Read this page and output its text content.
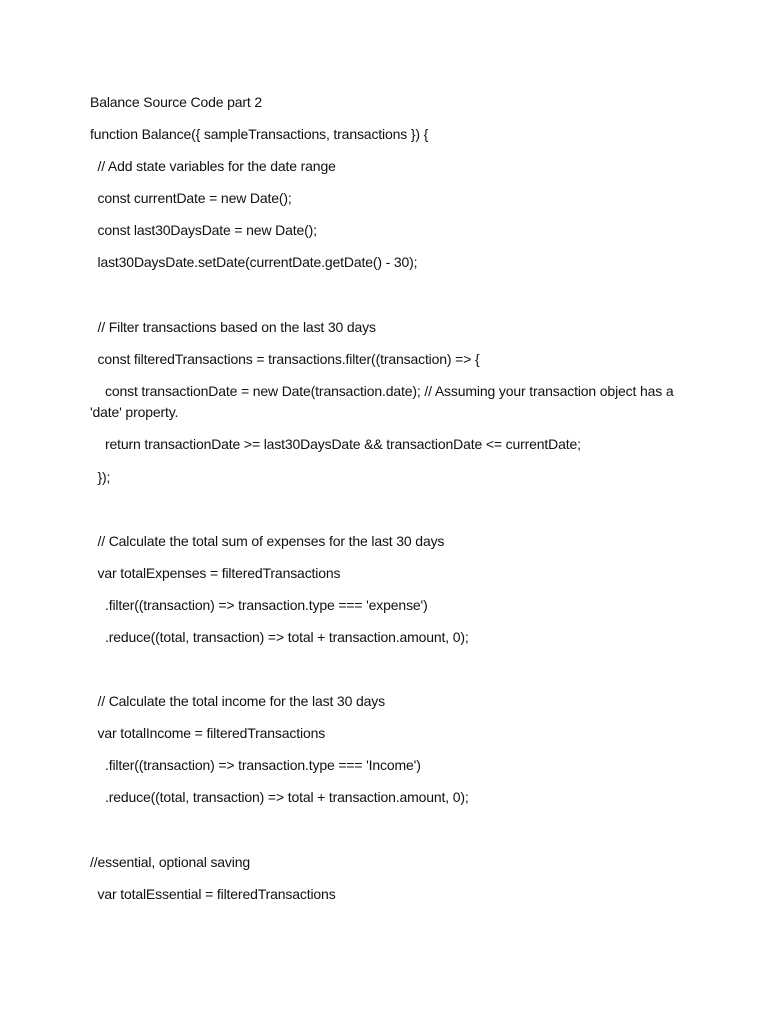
Balance Source Code part 2

function Balance({ sampleTransactions, transactions }) {

// Add state variables for the date range

const currentDate = new Date();

const last30DaysDate = new Date();

last30DaysDate.setDate(currentDate.getDate() - 30);

// Filter transactions based on the last 30 days

const filteredTransactions = transactions.filter((transaction) => {

const transactionDate = new Date(transaction.date); // Assuming your transaction object has a 'date' property.

return transactionDate >= last30DaysDate && transactionDate <= currentDate;

});

// Calculate the total sum of expenses for the last 30 days

var totalExpenses = filteredTransactions

.filter((transaction) => transaction.type === 'expense')

.reduce((total, transaction) => total + transaction.amount, 0);

// Calculate the total income for the last 30 days

var totalIncome = filteredTransactions

.filter((transaction) => transaction.type === 'Income')

.reduce((total, transaction) => total + transaction.amount, 0);

//essential, optional saving

var totalEssential = filteredTransactions
